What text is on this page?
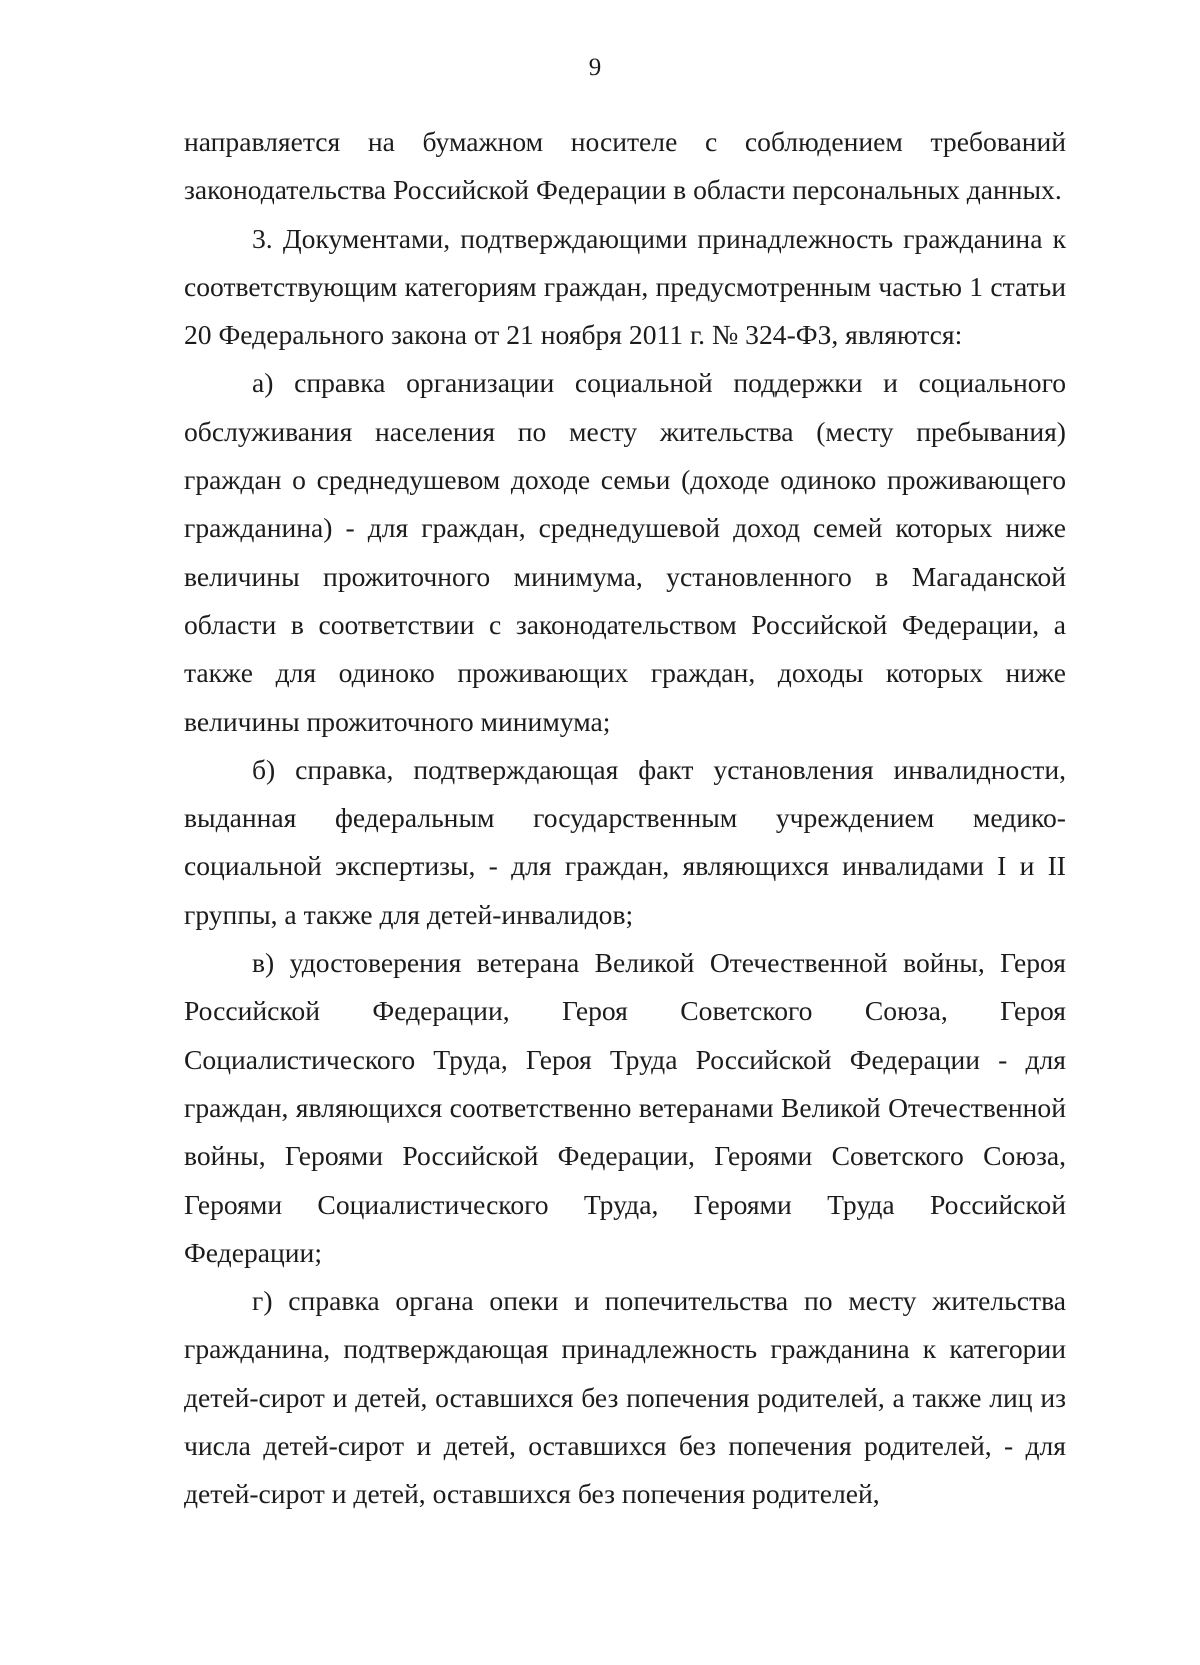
9

направляется на бумажном носителе с соблюдением требований законодательства Российской Федерации в области персональных данных.

3. Документами, подтверждающими принадлежность гражданина к соответствующим категориям граждан, предусмотренным частью 1 статьи 20 Федерального закона от 21 ноября 2011 г. № 324-ФЗ, являются:

а) справка организации социальной поддержки и социального обслуживания населения по месту жительства (месту пребывания) граждан о среднедушевом доходе семьи (доходе одиноко проживающего гражданина) - для граждан, среднедушевой доход семей которых ниже величины прожиточного минимума, установленного в Магаданской области в соответствии с законодательством Российской Федерации, а также для одиноко проживающих граждан, доходы которых ниже величины прожиточного минимума;

б) справка, подтверждающая факт установления инвалидности, выданная федеральным государственным учреждением медико-социальной экспертизы, - для граждан, являющихся инвалидами I и II группы, а также для детей-инвалидов;

в) удостоверения ветерана Великой Отечественной войны, Героя Российской Федерации, Героя Советского Союза, Героя Социалистического Труда, Героя Труда Российской Федерации - для граждан, являющихся соответственно ветеранами Великой Отечественной войны, Героями Российской Федерации, Героями Советского Союза, Героями Социалистического Труда, Героями Труда Российской Федерации;

г) справка органа опеки и попечительства по месту жительства гражданина, подтверждающая принадлежность гражданина к категории детей-сирот и детей, оставшихся без попечения родителей, а также лиц из числа детей-сирот и детей, оставшихся без попечения родителей, - для детей-сирот и детей, оставшихся без попечения родителей,
